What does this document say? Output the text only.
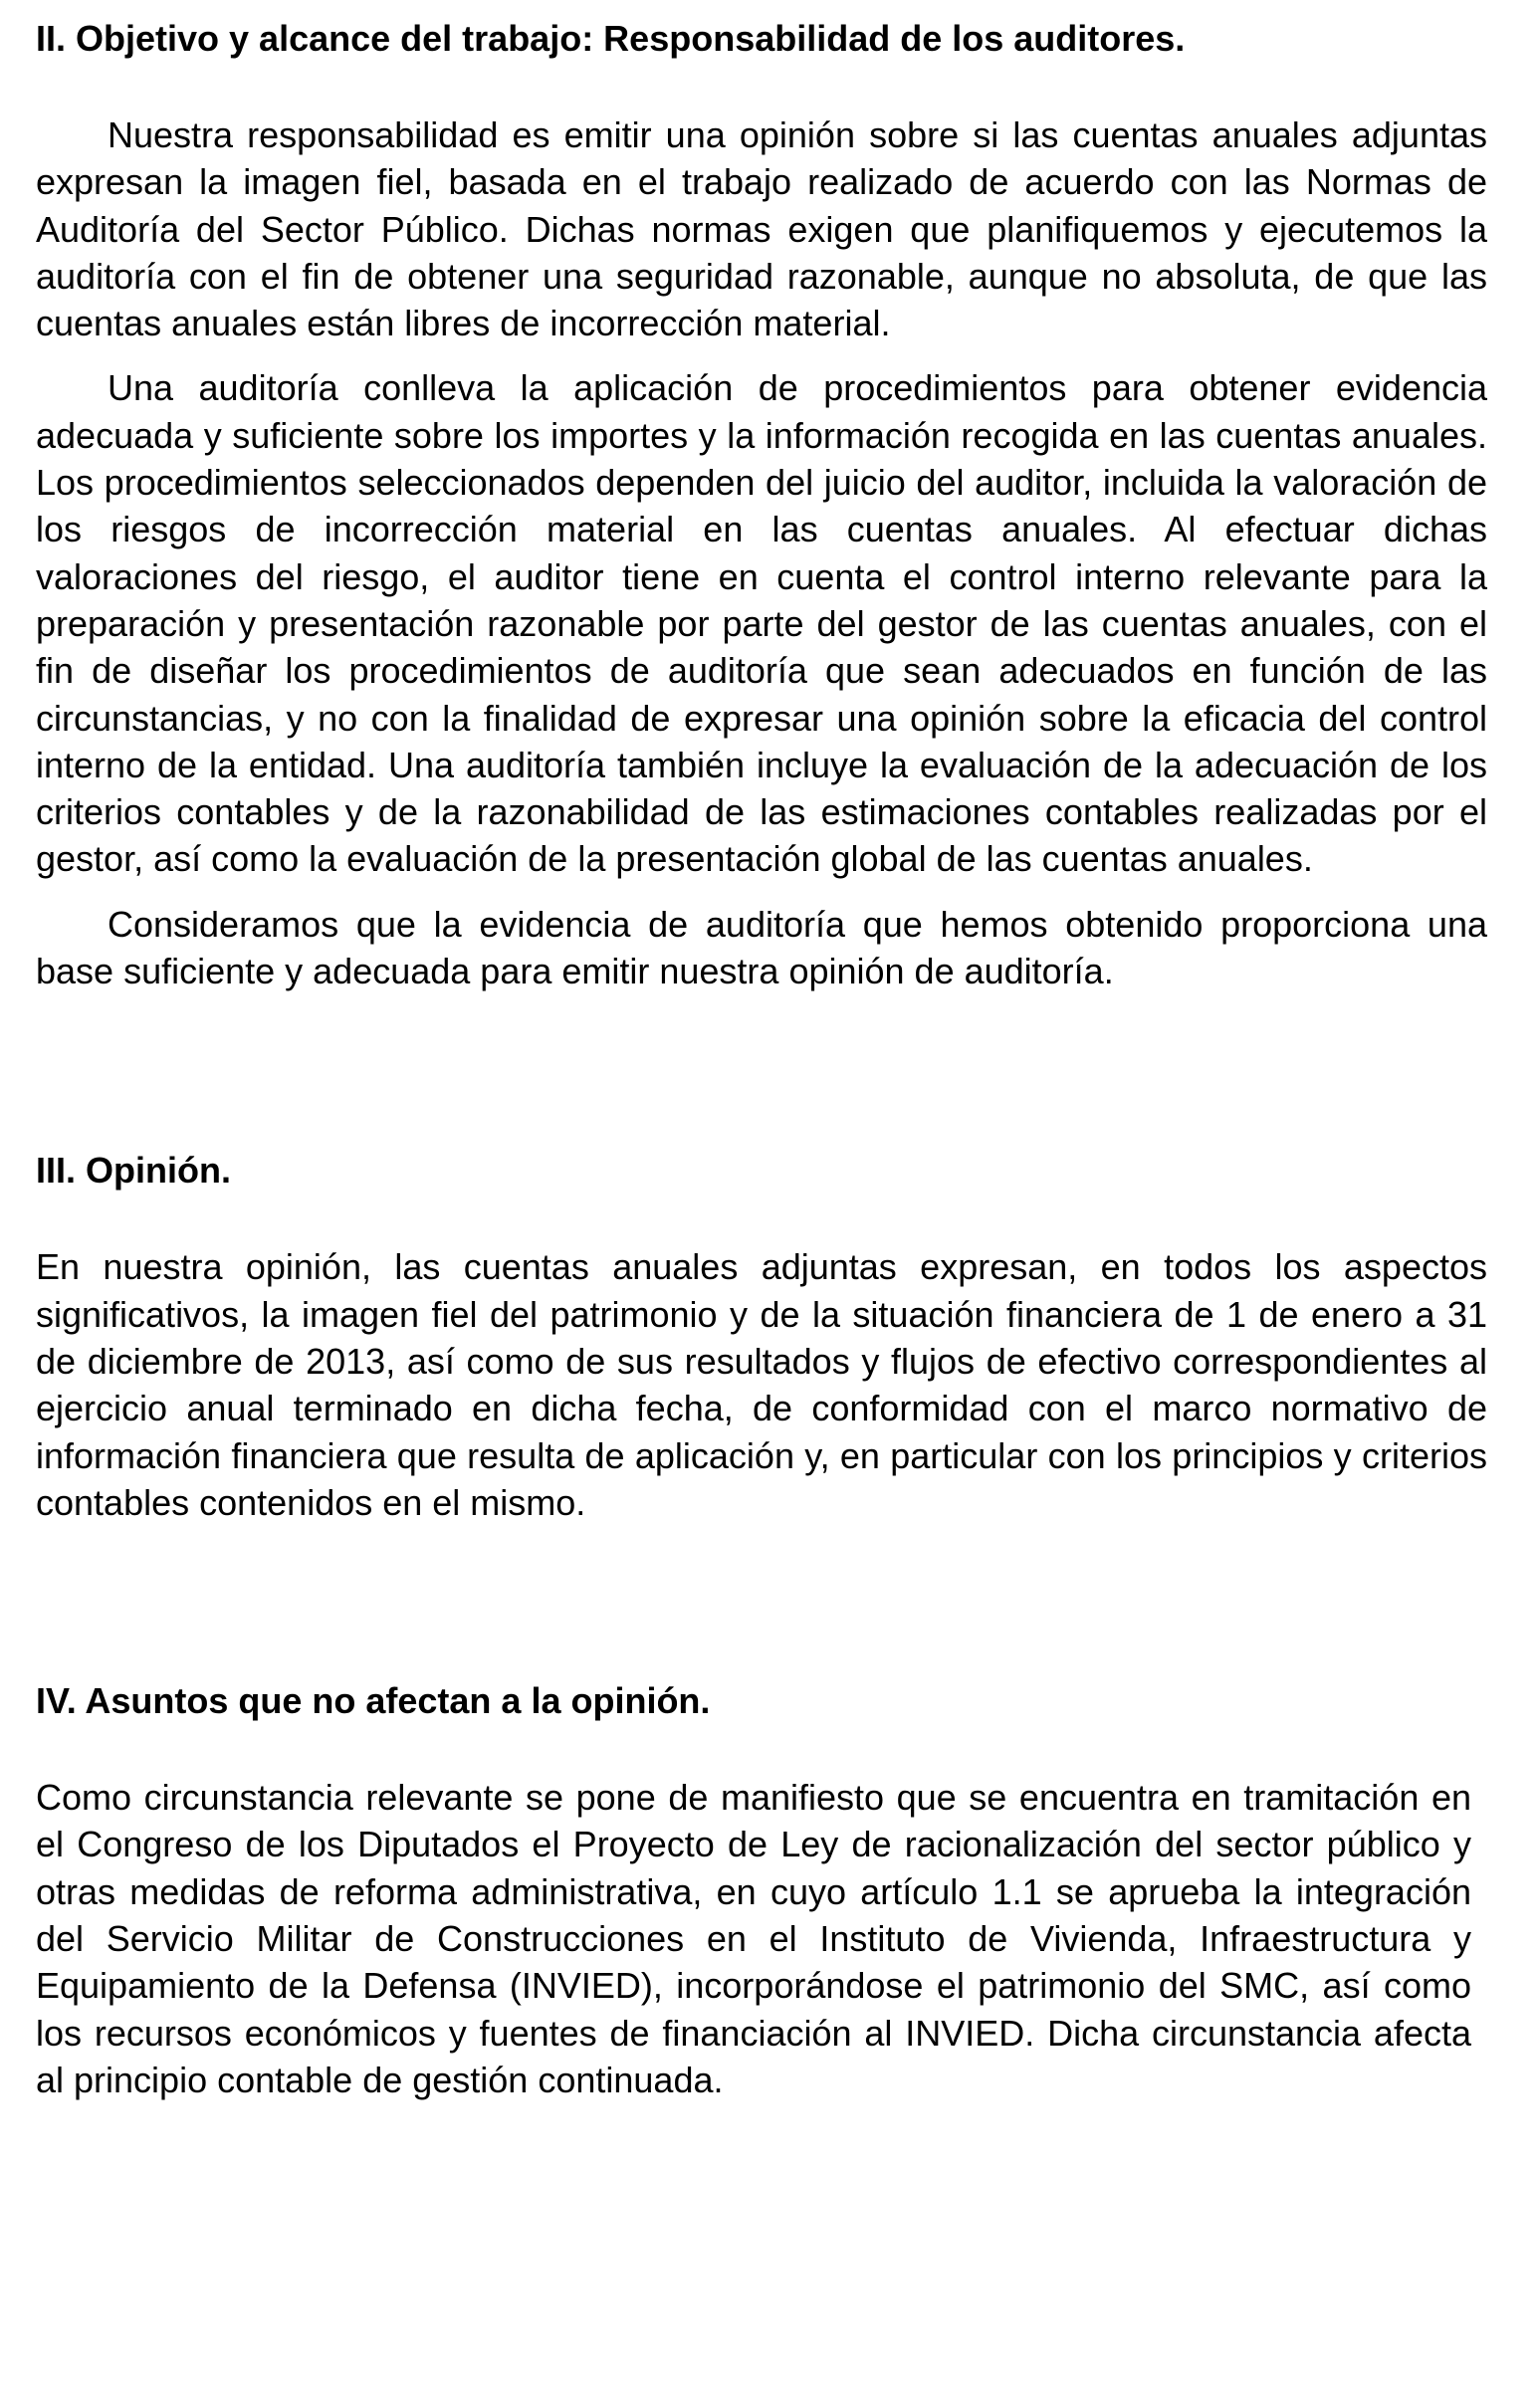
II. Objetivo y alcance del trabajo: Responsabilidad de los auditores.

Nuestra responsabilidad es emitir una opinión sobre si las cuentas anuales adjuntas expresan la imagen fiel, basada en el trabajo realizado de acuerdo con las Normas de Auditoría del Sector Público. Dichas normas exigen que planifiquemos y ejecutemos la auditoría con el fin de obtener una seguridad razonable, aunque no absoluta, de que las cuentas anuales están libres de incorrección material.

Una auditoría conlleva la aplicación de procedimientos para obtener evidencia adecuada y suficiente sobre los importes y la información recogida en las cuentas anuales. Los procedimientos seleccionados dependen del juicio del auditor, incluida la valoración de los riesgos de incorrección material en las cuentas anuales. Al efectuar dichas valoraciones del riesgo, el auditor tiene en cuenta el control interno relevante para la preparación y presentación razonable por parte del gestor de las cuentas anuales, con el fin de diseñar los procedimientos de auditoría que sean adecuados en función de las circunstancias, y no con la finalidad de expresar una opinión sobre la eficacia del control interno de la entidad. Una auditoría también incluye la evaluación de la adecuación de los criterios contables y de la razonabilidad de las estimaciones contables realizadas por el gestor, así como la evaluación de la presentación global de las cuentas anuales.

Consideramos que la evidencia de auditoría que hemos obtenido proporciona una base suficiente y adecuada para emitir nuestra opinión de auditoría.

III. Opinión.

En nuestra opinión, las cuentas anuales adjuntas expresan, en todos los aspectos significativos, la imagen fiel del patrimonio y de la situación financiera de 1 de enero a 31 de diciembre de 2013, así como de sus resultados y flujos de efectivo correspondientes al ejercicio anual terminado en dicha fecha, de conformidad con el marco normativo de información financiera que resulta de aplicación y, en particular con los principios y criterios contables contenidos en el mismo.

IV. Asuntos que no afectan a la opinión.

Como circunstancia relevante se pone de manifiesto que se encuentra en tramitación en el Congreso de los Diputados el Proyecto de Ley de racionalización del sector público y otras medidas de reforma administrativa, en cuyo artículo 1.1 se aprueba la integración del Servicio Militar de Construcciones en el Instituto de Vivienda, Infraestructura y Equipamiento de la Defensa (INVIED), incorporándose el patrimonio del SMC, así como los recursos económicos y fuentes de financiación al INVIED. Dicha circunstancia afecta al principio contable de gestión continuada.
